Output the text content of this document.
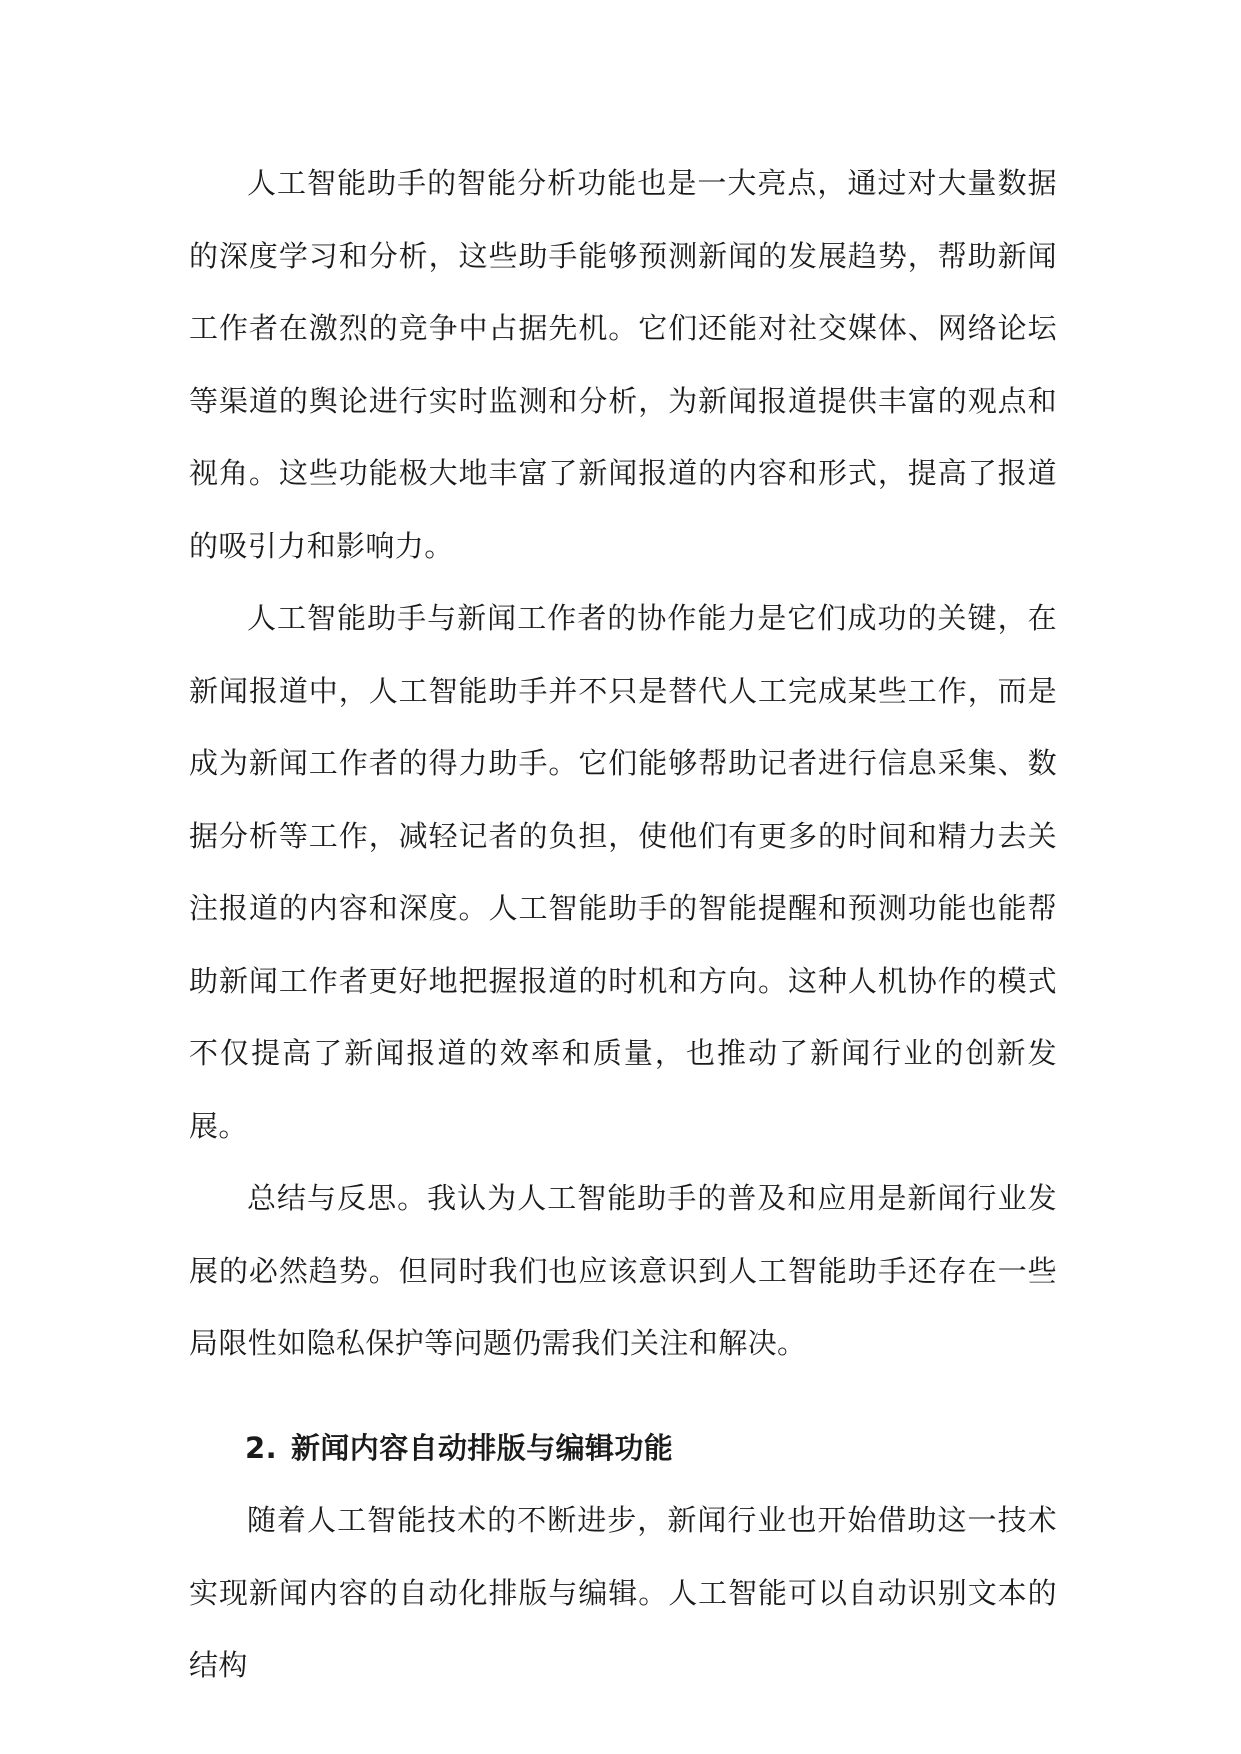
人工智能助手的智能分析功能也是一大亮点，通过对大量数据的深度学习和分析，这些助手能够预测新闻的发展趋势，帮助新闻工作者在激烈的竞争中占据先机。它们还能对社交媒体、网络论坛等渠道的舆论进行实时监测和分析，为新闻报道提供丰富的观点和视角。这些功能极大地丰富了新闻报道的内容和形式，提高了报道的吸引力和影响力。

人工智能助手与新闻工作者的协作能力是它们成功的关键，在新闻报道中，人工智能助手并不只是替代人工完成某些工作，而是成为新闻工作者的得力助手。它们能够帮助记者进行信息采集、数据分析等工作，减轻记者的负担，使他们有更多的时间和精力去关注报道的内容和深度。人工智能助手的智能提醒和预测功能也能帮助新闻工作者更好地把握报道的时机和方向。这种人机协作的模式不仅提高了新闻报道的效率和质量，也推动了新闻行业的创新发展。

总结与反思。我认为人工智能助手的普及和应用是新闻行业发展的必然趋势。但同时我们也应该意识到人工智能助手还存在一些局限性如隐私保护等问题仍需我们关注和解决。

2. 新闻内容自动排版与编辑功能

随着人工智能技术的不断进步，新闻行业也开始借助这一技术实现新闻内容的自动化排版与编辑。人工智能可以自动识别文本的结构
